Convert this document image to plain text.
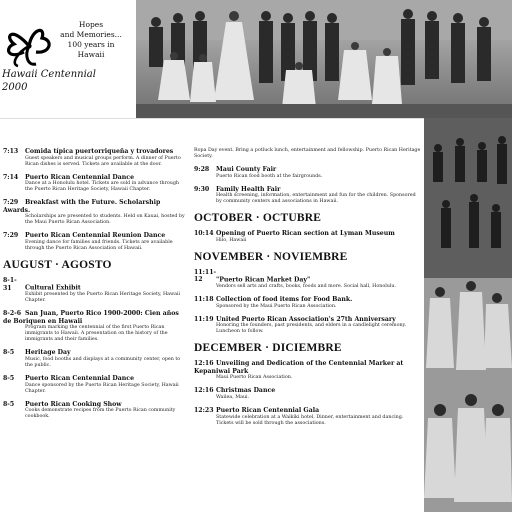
Hopes
and Memories...
100 years in
Hawaii
Hawaii Centennial
2000
7:13 Comida típica puertorriqueña y trovadores
Guest speakers and musical groups perform. A dinner of Puerto Rican dishes is served. Tickets are available at the door.
7:14 Puerto Rican Centennial Dance
Dance at a Honolulu hotel. Tickets are sold in advance through the Puerto Rican Heritage Society, Hawaii Chapter.
7:29 Breakfast with the Future. Scholarship Awards.
Scholarships are presented to students. Held on Kauai, hosted by the Maui Puerto Rican Association.
7:29 Puerto Rican Centennial Reunion Dance
Evening dance for families and friends. Tickets are available through the Puerto Rican Association of Hawaii.
AUGUST · AGOSTO
8-1-31 Cultural Exhibit
Exhibit presented by the Puerto Rican Heritage Society, Hawaii Chapter.
8-2-6 San Juan, Puerto Rico 1900-2000: Cien años de Boriquen en Hawaii
Program marking the centennial of the first Puerto Rican immigrants to Hawaii. A presentation on the history of the immigrants and their families.
8-5 Heritage Day
Music, food booths and displays at a community center, open to the public.
8-5 Puerto Rican Centennial Dance
Dance sponsored by the Puerto Rican Heritage Society, Hawaii Chapter.
8-5 Puerto Rican Cooking Show
Cooks demonstrate recipes from the Puerto Rican community cookbook.
Ropa Day event. Bring a potluck lunch, entertainment and fellowship. Puerto Rican Heritage Society.
9:28 Maui County Fair
Puerto Rican food booth at the fairgrounds.
9:30 Family Health Fair
Health screening, information, entertainment and fun for the children. Sponsored by community centers and associations in Hawaii.
OCTOBER · OCTUBRE
10:14 Opening of Puerto Rican section at Lyman Museum
Hilo, Hawaii
NOVEMBER · NOVIEMBRE
11:11-12 "Puerto Rican Market Day"
Vendors sell arts and crafts, books, foods and more. Social hall, Honolulu.
11:18 Collection of food items for Food Bank.
Sponsored by the Maui Puerto Rican Association.
11:19 United Puerto Rican Association's 27th Anniversary
Honoring the founders, past presidents, and elders in a candlelight ceremony. Luncheon to follow.
DECEMBER · DICIEMBRE
12:16 Unveiling and Dedication of the Centennial Marker at Kepaniwai Park
Maui Puerto Rican Association.
12:16 Christmas Dance
Wailea, Maui.
12:23 Puerto Rican Centennial Gala
Statewide celebration at a Waikiki hotel. Dinner, entertainment and dancing. Tickets will be sold through the associations.
